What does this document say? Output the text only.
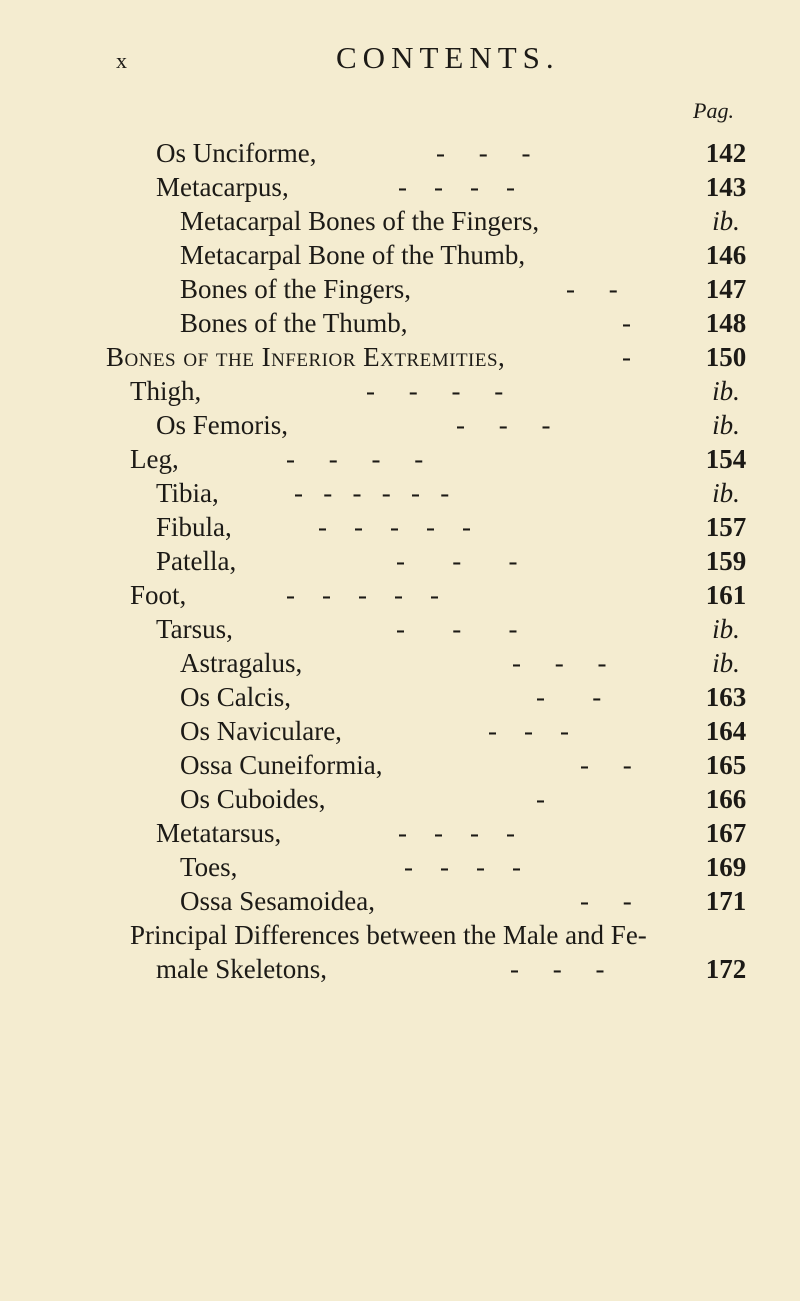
x	CONTENTS.
Pag.
Os Unciforme,	-     -     -	142
Metacarpus,	-    -    -    -	143
Metacarpal Bones of the Fingers,	ib.
Metacarpal Bone of the Thumb,	146
Bones of the Fingers,	-     -	147
Bones of the Thumb,	-	148
Bones of the Inferior Extremities,	-	150
Thigh,	-     -     -     -	ib.
Os Femoris,	-     -     -	ib.
Leg,	-     -     -     -	154
Tibia,	-   -   -   -   -   -	ib.
Fibula,	-    -    -    -    -	157
Patella,	-       -       -	159
Foot,	-    -    -    -    -	161
Tarsus,	-       -       -	ib.
Astragalus,	-     -     -	ib.
Os Calcis,	-       -	163
Os Naviculare,	-    -    -	164
Ossa Cuneiformia,	-     -	165
Os Cuboides,	-	166
Metatarsus,	-    -    -    -	167
Toes,	-    -    -    -	169
Ossa Sesamoidea,	-     -	171
Principal Differences between the Male and Fe-
male Skeletons,	-     -     -	172
